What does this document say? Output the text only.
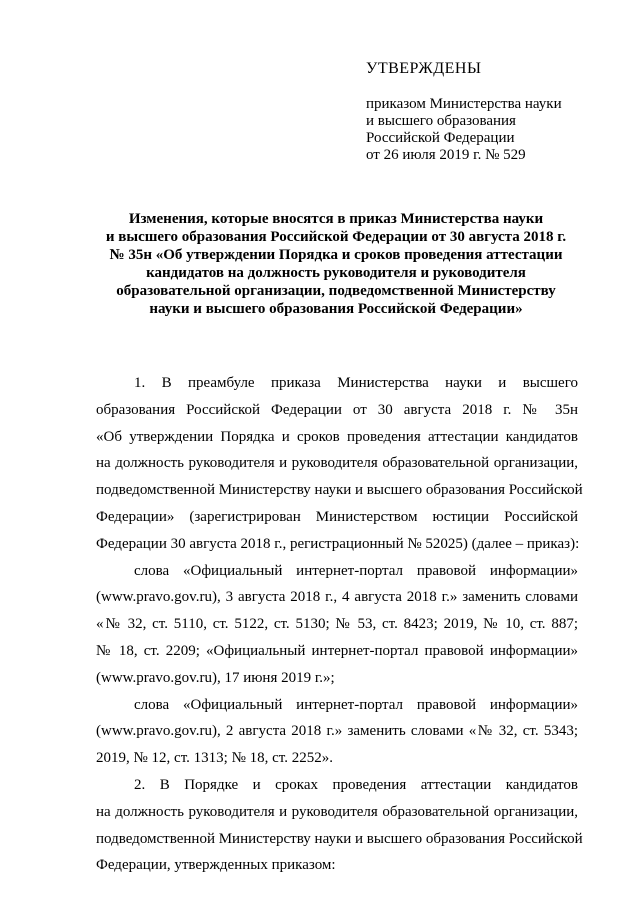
УТВЕРЖДЕНЫ
приказом Министерства науки
и высшего образования
Российской Федерации
от 26 июля 2019 г. № 529
Изменения, которые вносятся в приказ Министерства науки
и высшего образования Российской Федерации от 30 августа 2018 г.
№ 35н «Об утверждении Порядка и сроков проведения аттестации
кандидатов на должность руководителя и руководителя
образовательной организации, подведомственной Министерству
науки и высшего образования Российской Федерации»
1. В преамбуле приказа Министерства науки и высшего
образования Российской Федерации от 30 августа 2018 г. № 35н
«Об утверждении Порядка и сроков проведения аттестации кандидатов
на должность руководителя и руководителя образовательной организации,
подведомственной Министерству науки и высшего образования Российской
Федерации» (зарегистрирован Министерством юстиции Российской
Федерации 30 августа 2018 г., регистрационный № 52025) (далее – приказ):
слова «Официальный интернет-портал правовой информации»
(www.pravo.gov.ru), 3 августа 2018 г., 4 августа 2018 г.» заменить словами
«№ 32, ст. 5110, ст. 5122, ст. 5130; № 53, ст. 8423; 2019, № 10, ст. 887;
№ 18, ст. 2209; «Официальный интернет-портал правовой информации»
(www.pravo.gov.ru), 17 июня 2019 г.»;
слова «Официальный интернет-портал правовой информации»
(www.pravo.gov.ru), 2 августа 2018 г.» заменить словами «№ 32, ст. 5343;
2019, № 12, ст. 1313; № 18, ст. 2252».
2. В Порядке и сроках проведения аттестации кандидатов
на должность руководителя и руководителя образовательной организации,
подведомственной Министерству науки и высшего образования Российской
Федерации, утвержденных приказом:
